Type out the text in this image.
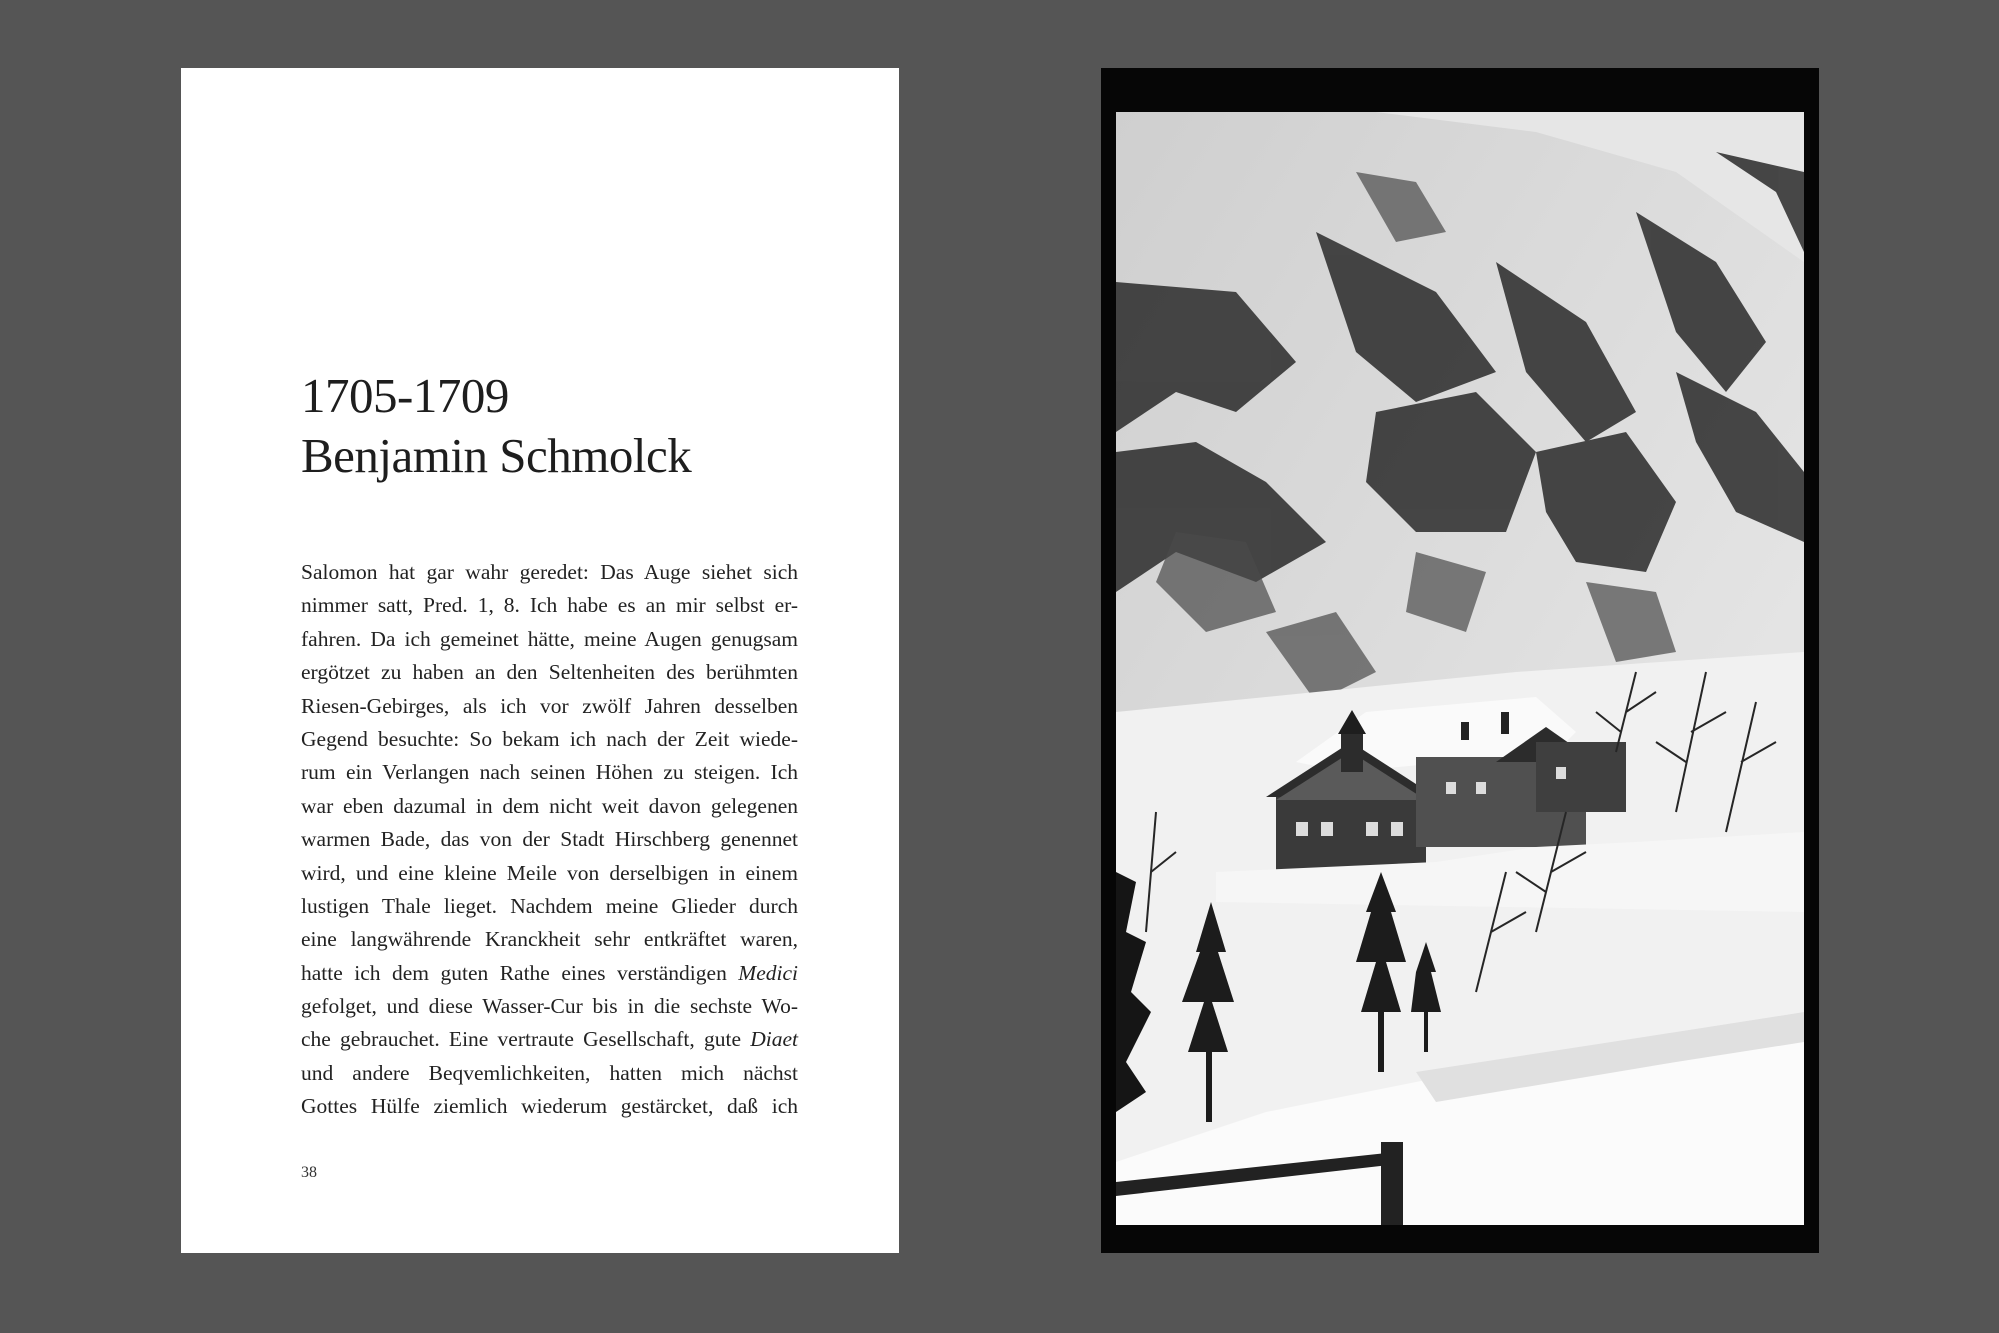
1705-1709
Benjamin Schmolck
Salomon hat gar wahr geredet: Das Auge siehet sich
nimmer satt, Pred. 1, 8. Ich habe es an mir selbst er-
fahren. Da ich gemeinet hätte, meine Augen genugsam
ergötzet zu haben an den Seltenheiten des berühmten
Riesen-Gebirges, als ich vor zwölf Jahren desselben
Gegend besuchte: So bekam ich nach der Zeit wiede-
rum ein Verlangen nach seinen Höhen zu steigen. Ich
war eben dazumal in dem nicht weit davon gelegenen
warmen Bade, das von der Stadt Hirschberg genennet
wird, und eine kleine Meile von derselbigen in einem
lustigen Thale lieget. Nachdem meine Glieder durch
eine langwährende Kranckheit sehr entkräftet waren,
hatte ich dem guten Rathe eines verständigen Medici
gefolget, und diese Wasser-Cur bis in die sechste Wo-
che gebrauchet. Eine vertraute Gesellschaft, gute Diaet
und andere Beqvemlichkeiten, hatten mich nächst
Gottes Hülfe ziemlich wiederum gestärcket, daß ich
38
